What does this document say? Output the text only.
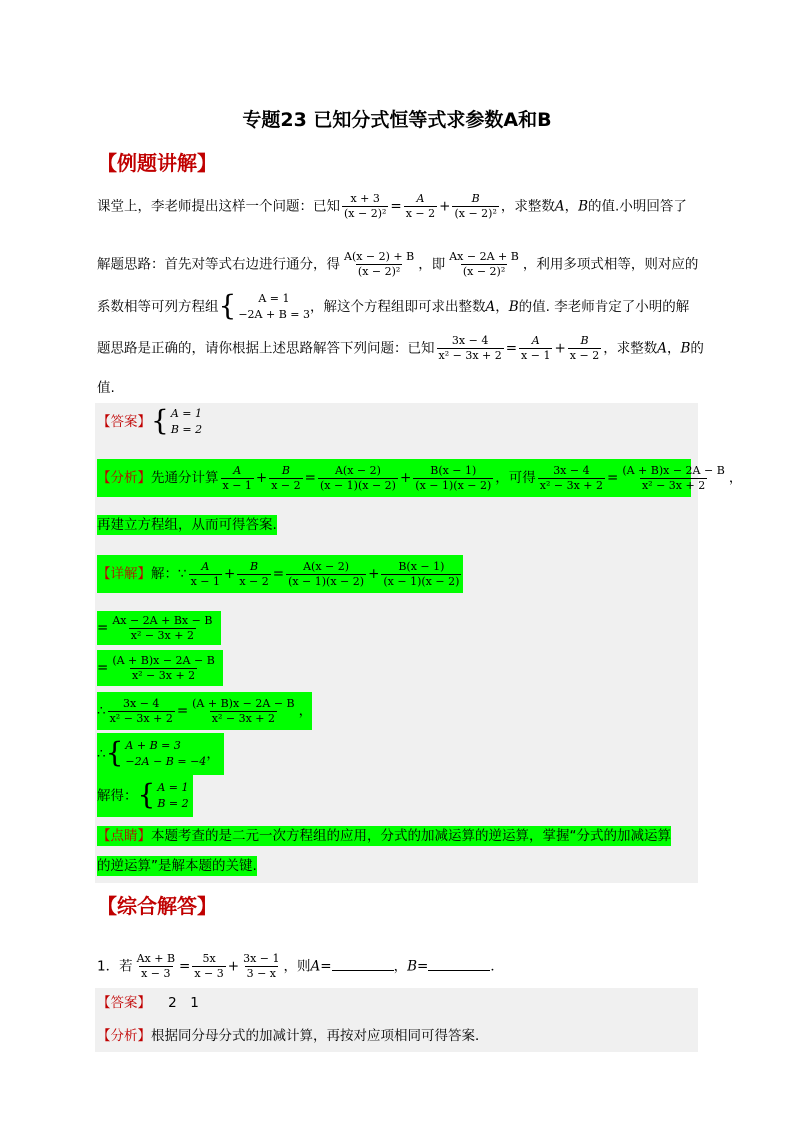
专题23 已知分式恒等式求参数A和B
【例题讲解】
课堂上，李老师提出这样一个问题：已知 $\frac{x + 3}{\text{(x − 2)²}} = \frac{A}{x - 2} + \frac{B}{\text{(x − 2)²}}$ ，求整数A，B的值.小明回答了
解题思路：首先对等式右边进行通分，得 $\frac{A(x - 2) + B}{\text{(x − 2)²}}$ ，即 $\frac{Ax - 2A + B}{\text{(x − 2)²}}$ ，利用多项式相等，则对应的
系数相等可列方程组 {	A = 1
−2A + B = 3 ，解这个方程组即可求出整数A，B的值. 李老师肯定了小明的解
题思路是正确的，请你根据上述思路解答下列问题：已知 $\frac{3x - 4}{\text{x² − 3x + 2}} = \frac{A}{x - 1} + \frac{B}{x - 2}$ ，求整数A，B的
值.
【答案】 { A = 1
B = 2
【分析】先通分计算 $\frac{A}{x - 1} + \frac{B}{x - 2} = \frac{A(x - 2)}{(x - 1)(x - 2)} + \frac{B(x - 1)}{(x - 1)(x - 2)}$ ，可得 $\frac{3x - 4}{\text{x² − 3x + 2}} = \frac{(A + B)x - 2A - B}{\text{x² − 3x + 2}}$ ，
再建立方程组，从而可得答案.
【详解】解：∵ $\frac{A}{x - 1} + \frac{B}{x - 2} = \frac{A(x - 2)}{(x - 1)(x - 2)} + \frac{B(x - 1)}{(x - 1)(x - 2)}$
= $\frac{Ax - 2A + Bx - B}{\text{x² − 3x + 2}}$

= $\frac{(A + B)x - 2A - B}{\text{x² − 3x + 2}}$

∴ $\frac{3x - 4}{\text{x² − 3x + 2}} = \frac{(A + B)x - 2A - B}{\text{x² − 3x + 2}}$ ，
∴ { A + B = 3
−2A − B = −4 ，
解得： { A = 1
B = 2
【点睛】本题考查的是二元一次方程组的应用，分式的加减运算的逆运算，掌握“分式的加减运算
的逆运算”是解本题的关键.
【综合解答】
1．若 $\frac{Ax + B}{x - 3} = \frac{5x}{x - 3} + \frac{3x - 1}{3 - x}$ ，则A=	，B=	．
【答案】 2　1
【分析】根据同分母分式的加减计算，再按对应项相同可得答案．
